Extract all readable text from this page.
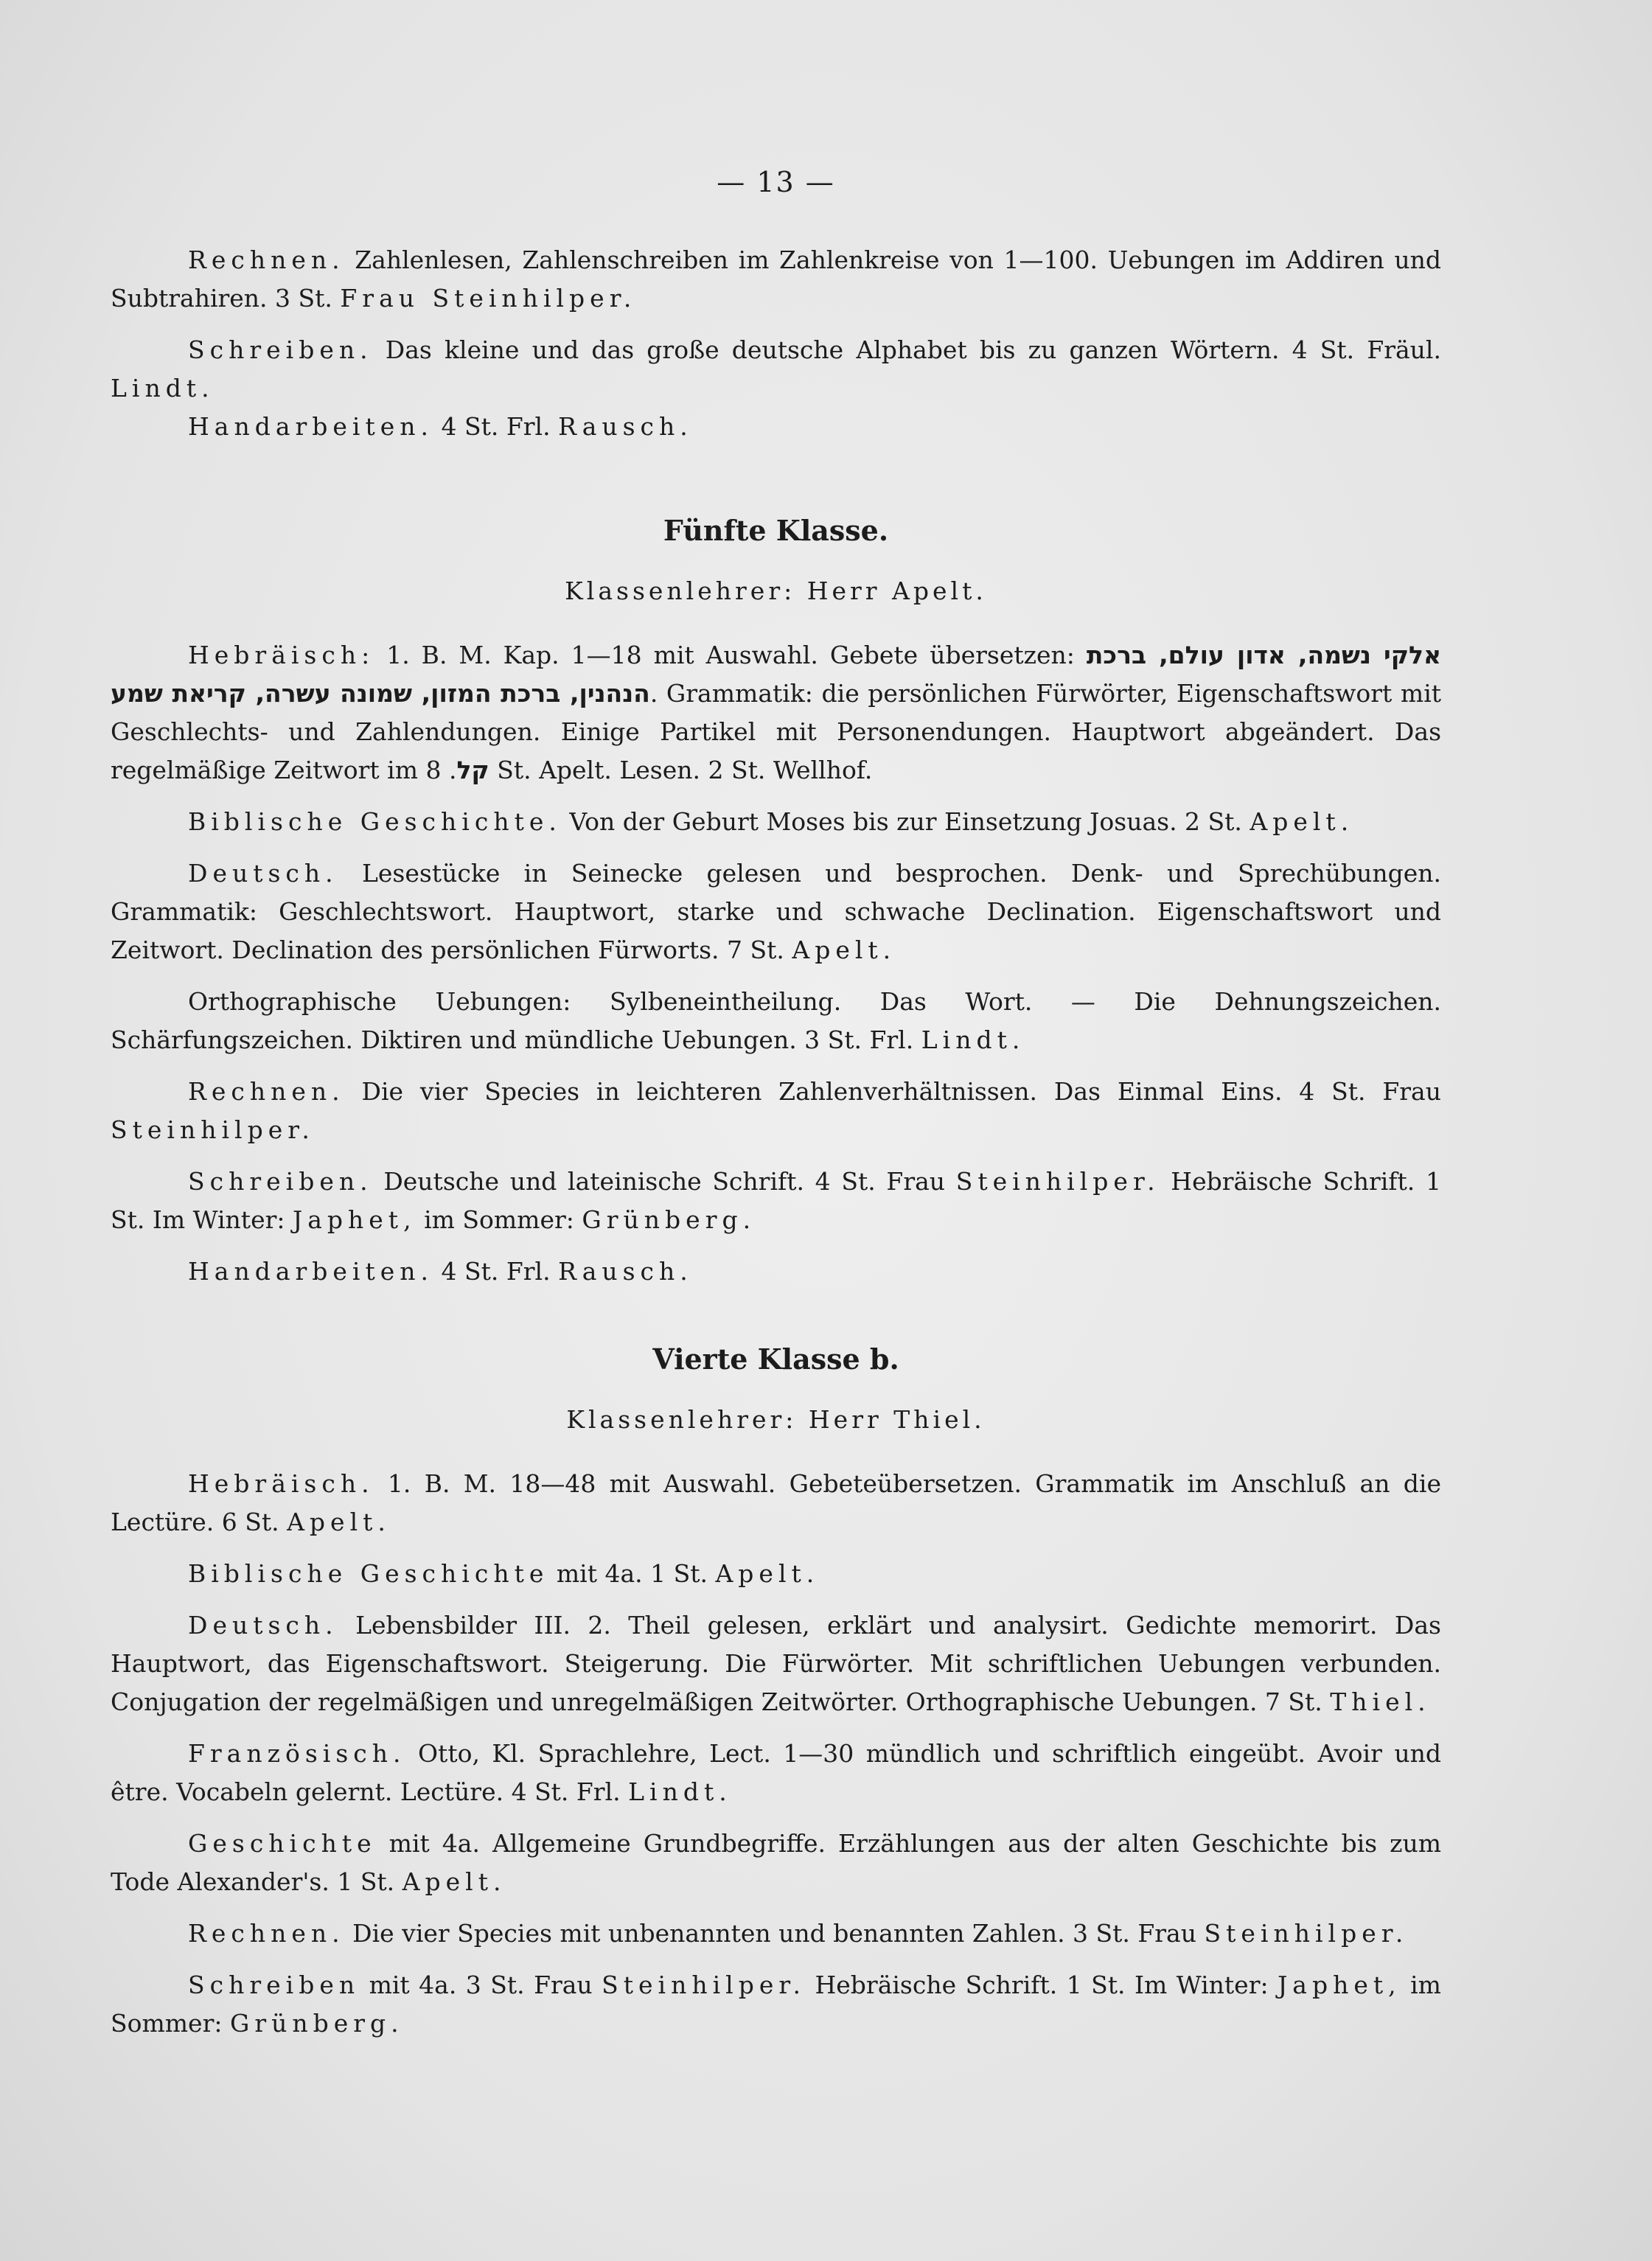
— 13 —

Rechnen. Zahlenlesen, Zahlenschreiben im Zahlenkreise von 1—100. Uebungen im Addiren und Subtrahiren. 3 St. Frau Steinhilper.

Schreiben. Das kleine und das große deutsche Alphabet bis zu ganzen Wörtern. 4 St. Fräul. Lindt.

Handarbeiten. 4 St. Frl. Rausch.

Fünfte Klasse.
Klassenlehrer: Herr Apelt.

Hebräisch: 1. B. M. Kap. 1—18 mit Auswahl. Gebete übersetzen: אלקי נשמה, אדון עולם, ברכת הנהנין, ברכת המזון, שמונה עשרה, קריאת שמע. Grammatik: die persönlichen Fürwörter, Eigenschaftswort mit Geschlechts- und Zahlendungen. Einige Partikel mit Personendungen. Hauptwort abgeändert. Das regelmäßige Zeitwort im קל. 8 St. Apelt. Lesen. 2 St. Wellhof.

Biblische Geschichte. Von der Geburt Moses bis zur Einsetzung Josuas. 2 St. Apelt.

Deutsch. Lesestücke in Seinecke gelesen und besprochen. Denk- und Sprechübungen. Grammatik: Geschlechtswort. Hauptwort, starke und schwache Declination. Eigenschaftswort und Zeitwort. Declination des persönlichen Fürworts. 7 St. Apelt.

Orthographische Uebungen: Sylbeneintheilung. Das Wort. — Die Dehnungszeichen. Schärfungszeichen. Diktiren und mündliche Uebungen. 3 St. Frl. Lindt.

Rechnen. Die vier Species in leichteren Zahlenverhältnissen. Das Einmal Eins. 4 St. Frau Steinhilper.

Schreiben. Deutsche und lateinische Schrift. 4 St. Frau Steinhilper. Hebräische Schrift. 1 St. Im Winter: Japhet, im Sommer: Grünberg.

Handarbeiten. 4 St. Frl. Rausch.

Vierte Klasse b.
Klassenlehrer: Herr Thiel.

Hebräisch. 1. B. M. 18—48 mit Auswahl. Gebeteübersetzen. Grammatik im Anschluß an die Lectüre. 6 St. Apelt.

Biblische Geschichte mit 4a. 1 St. Apelt.

Deutsch. Lebensbilder III. 2. Theil gelesen, erklärt und analysirt. Gedichte memorirt. Das Hauptwort, das Eigenschaftswort. Steigerung. Die Fürwörter. Mit schriftlichen Uebungen verbunden. Conjugation der regelmäßigen und unregelmäßigen Zeitwörter. Orthographische Uebungen. 7 St. Thiel.

Französisch. Otto, Kl. Sprachlehre, Lect. 1—30 mündlich und schriftlich eingeübt. Avoir und être. Vocabeln gelernt. Lectüre. 4 St. Frl. Lindt.

Geschichte mit 4a. Allgemeine Grundbegriffe. Erzählungen aus der alten Geschichte bis zum Tode Alexander's. 1 St. Apelt.

Rechnen. Die vier Species mit unbenannten und benannten Zahlen. 3 St. Frau Steinhilper.

Schreiben mit 4a. 3 St. Frau Steinhilper. Hebräische Schrift. 1 St. Im Winter: Japhet, im Sommer: Grünberg.
